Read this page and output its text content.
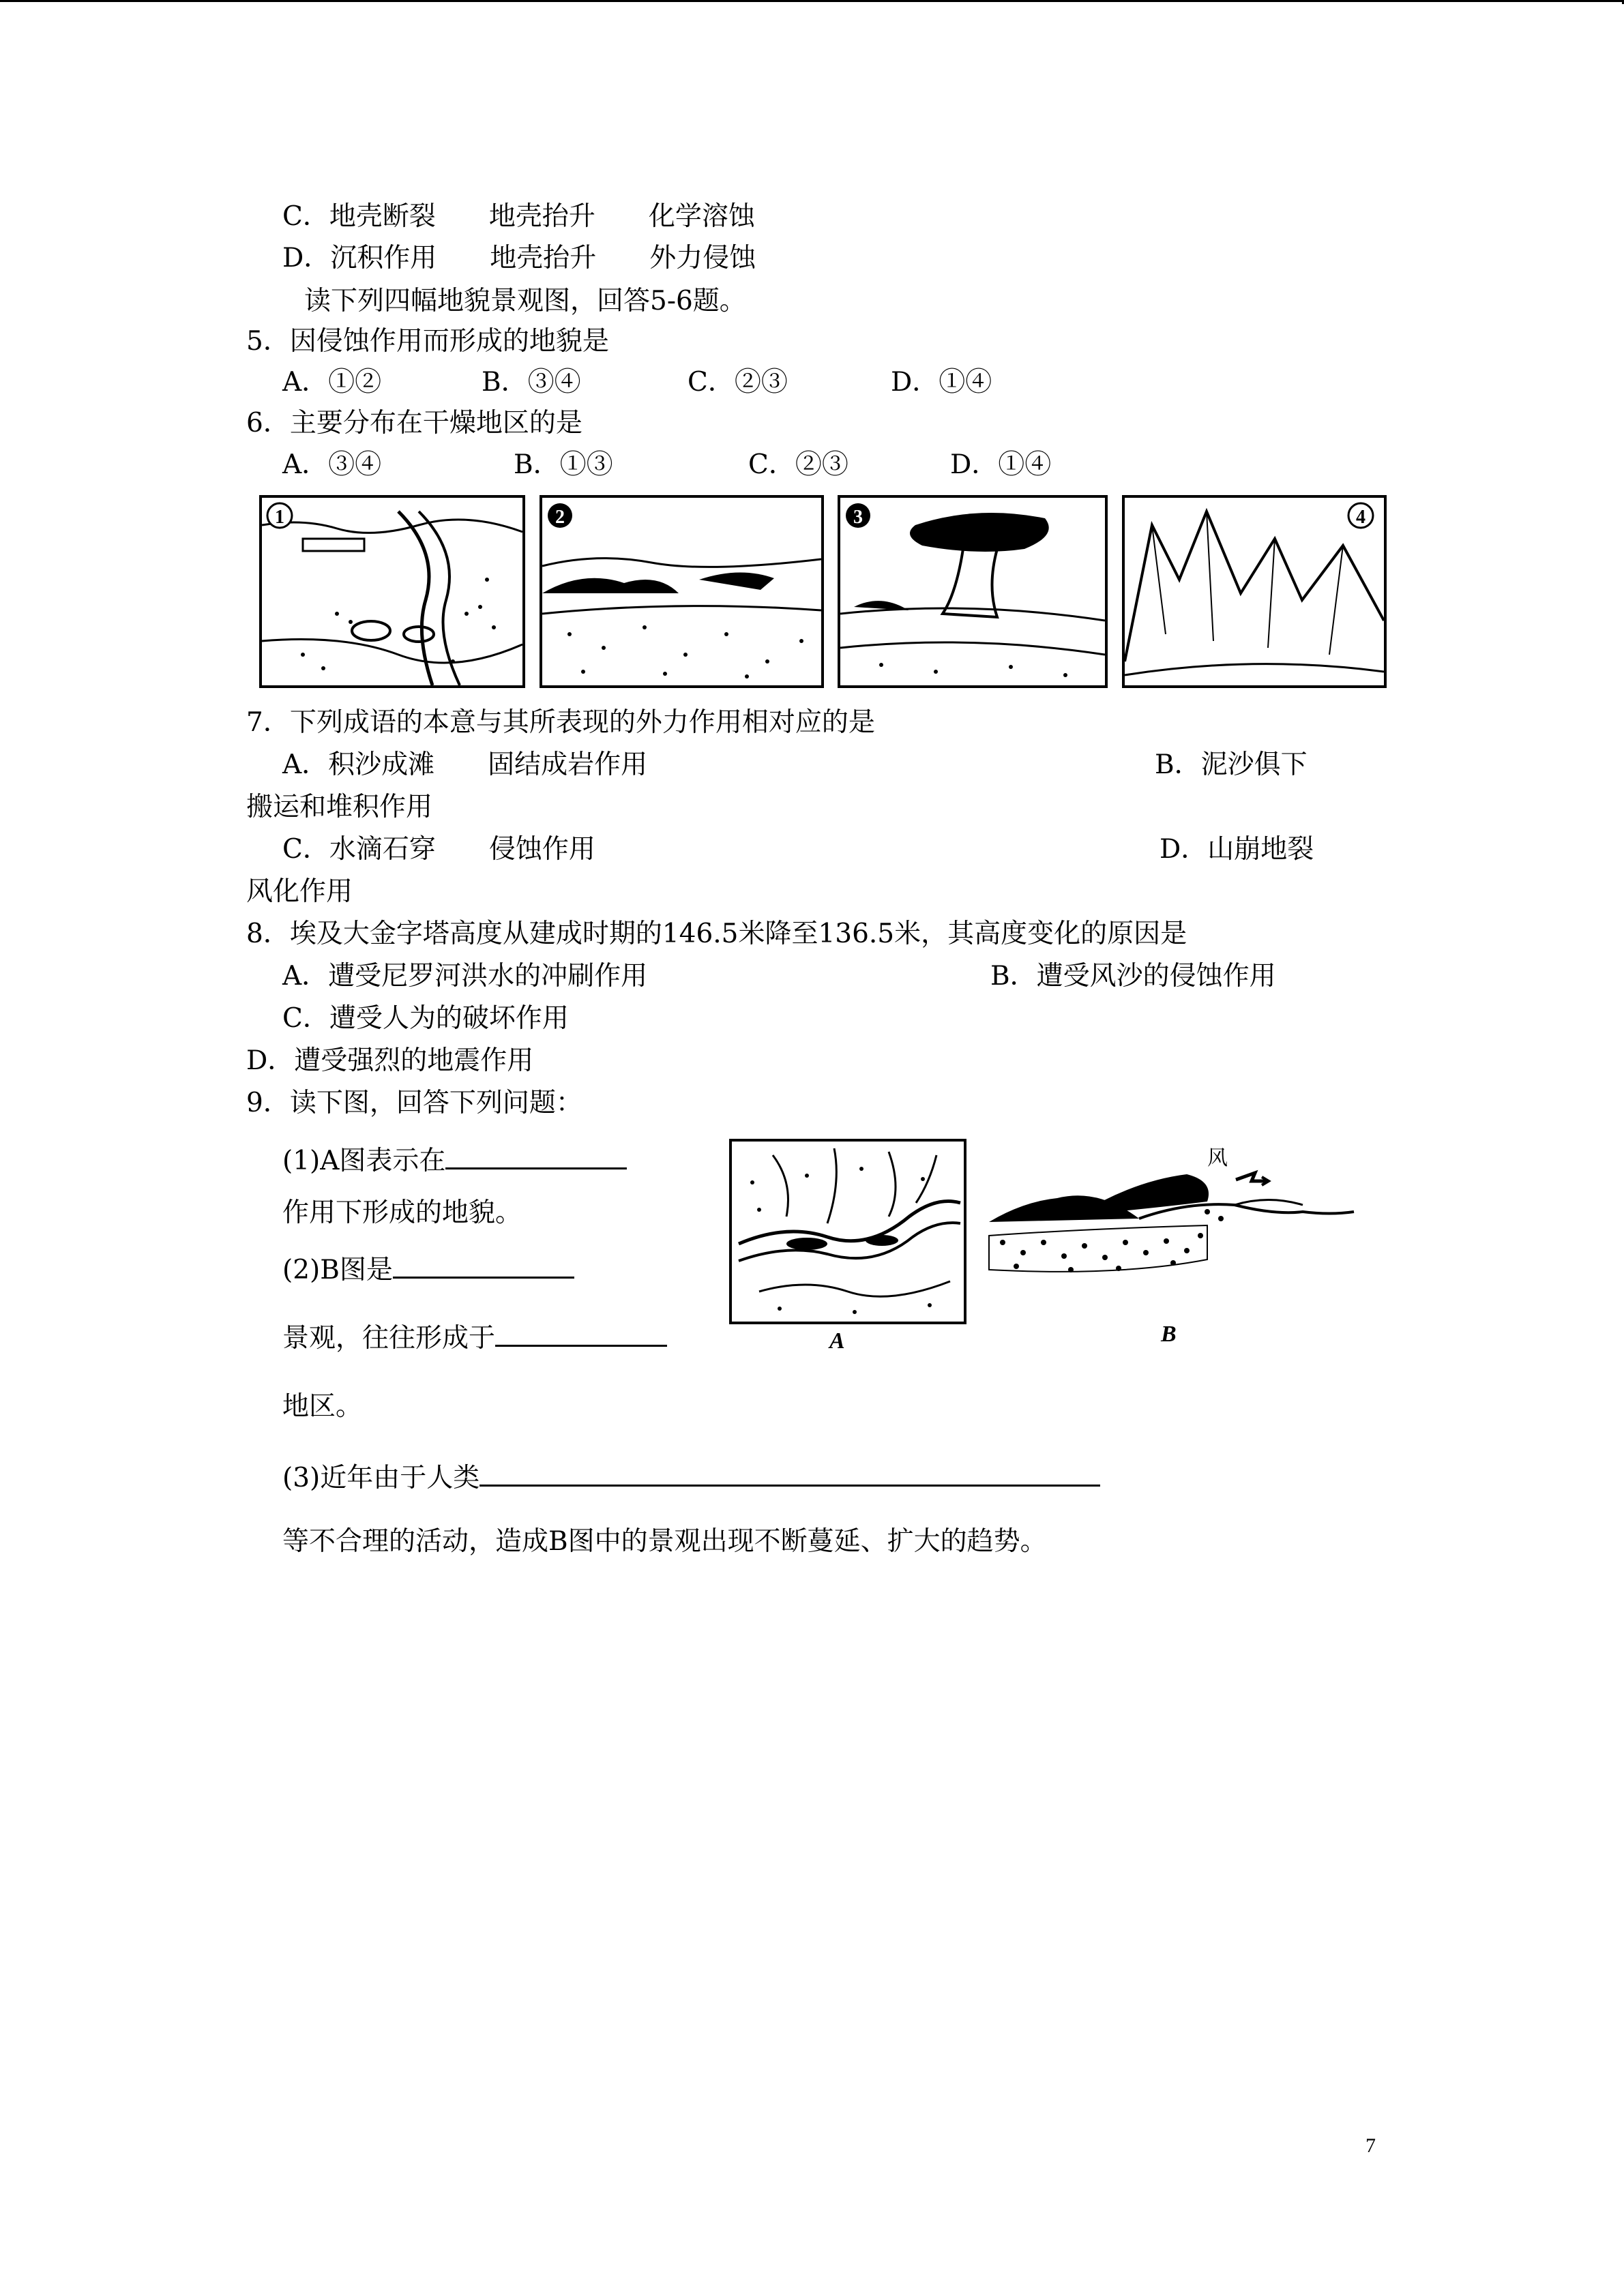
C．地壳断裂　　地壳抬升　　化学溶蚀
D．沉积作用　　地壳抬升　　外力侵蚀
读下列四幅地貌景观图，回答5-6题。
5．因侵蚀作用而形成的地貌是
A．①②	B．③④	C．②③	D．①④
6．主要分布在干燥地区的是
A．③④	B．①③	C．②③	D．①④
1	2	3	4
7．下列成语的本意与其所表现的外力作用相对应的是
A．积沙成滩　　固结成岩作用	B．泥沙俱下
搬运和堆积作用
C．水滴石穿　　侵蚀作用	D．山崩地裂
风化作用
8．埃及大金字塔高度从建成时期的146.5米降至136.5米，其高度变化的原因是
A．遭受尼罗河洪水的冲刷作用	B．遭受风沙的侵蚀作用
C．遭受人为的破坏作用
D．遭受强烈的地震作用
9．读下图，回答下列问题：
(1)A图表示在
作用下形成的地貌。
(2)B图是
景观，往往形成于
地区。
(3)近年由于人类
等不合理的活动，造成B图中的景观出现不断蔓延、扩大的趋势。
A
风
B
7
